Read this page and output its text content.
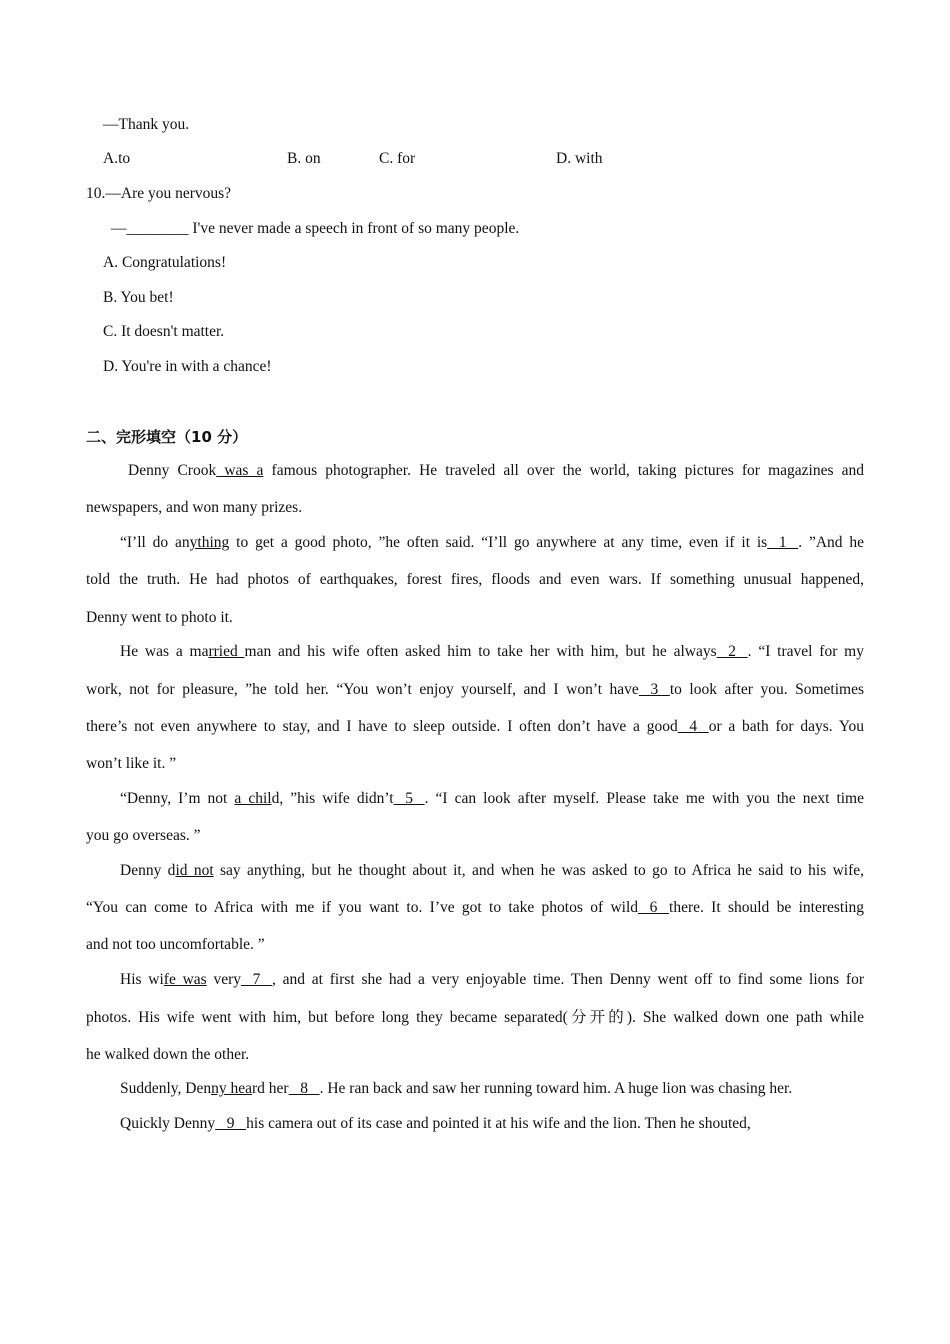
—Thank you.
A.to	B. on	C. for	D. with
10.—Are you nervous?
—________ I've never made a speech in front of so many people.
A. Congratulations!
B. You bet!
C. It doesn't matter.
D. You're in with a chance!
二、完形填空（10 分）
Denny Crook was a famous photographer. He traveled all over the world, taking pictures for magazines and
newspapers, and won many prizes.
“I’ll do anything to get a good photo, ”he often said. “I’ll go anywhere at any time, even if it is   1   . ”And he
told the truth. He had photos of earthquakes, forest fires, floods and even wars. If something unusual happened,
Denny went to photo it.
He was a married man and his wife often asked him to take her with him, but he always   2   . “I travel for my
work, not for pleasure, ”he told her. “You won’t enjoy yourself, and I won’t have   3   to look after you. Sometimes
there’s not even anywhere to stay, and I have to sleep outside. I often don’t have a good   4   or a bath for days. You
won’t like it. ”
“Denny, I’m not a child, ”his wife didn’t   5   . “I can look after myself. Please take me with you the next time
you go overseas. ”
Denny did not say anything, but he thought about it, and when he was asked to go to Africa he said to his wife,
“You can come to Africa with me if you want to. I’ve got to take photos of wild   6   there. It should be interesting
and not too uncomfortable. ”
His wife was very   7   , and at first she had a very enjoyable time. Then Denny went off to find some lions for
photos. His wife went with him, but before long they became separated(分开的). She walked down one path while
he walked down the other.
Suddenly, Denny heard her   8   . He ran back and saw her running toward him. A huge lion was chasing her.
Quickly Denny   9   his camera out of its case and pointed it at his wife and the lion. Then he shouted,
